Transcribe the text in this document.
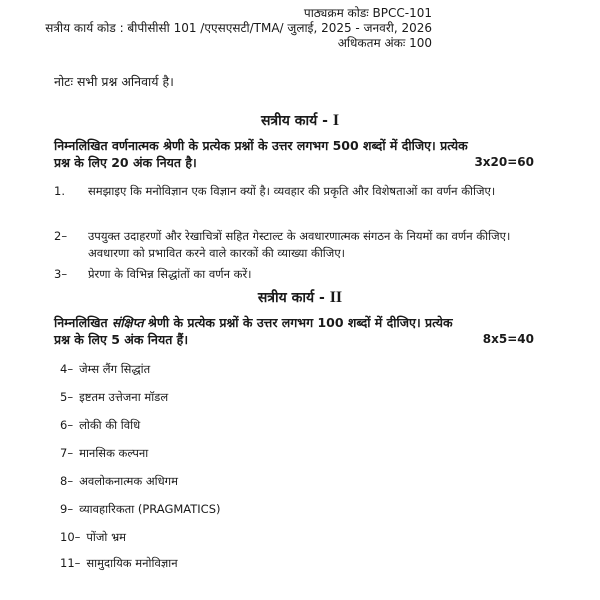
पाठ्यक्रम कोडः BPCC-101
सत्रीय कार्य कोड : बीपीसीसी 101 /एएसएसटी/TMA/ जुलाई, 2025 - जनवरी, 2026
अधिकतम अंकः 100
नोटः सभी प्रश्न अनिवार्य है।
सत्रीय कार्य - I
निम्नलिखित वर्णनात्मक श्रेणी के प्रत्येक प्रश्नों के उत्तर लगभग 500 शब्दों में दीजिए। प्रत्येक
प्रश्न के लिए 20 अंक नियत है।	3x20=60
1.	समझाइए कि मनोविज्ञान एक विज्ञान क्यों है। व्यवहार की प्रकृति और विशेषताओं का वर्णन कीजिए।
2–	उपयुक्त उदाहरणों और रेखाचित्रों सहित गेस्टाल्ट के अवधारणात्मक संगठन के नियमों का वर्णन कीजिए। अवधारणा को प्रभावित करने वाले कारकों की व्याख्या कीजिए।
3–	प्रेरणा के विभिन्न सिद्धांतों का वर्णन करें।
सत्रीय कार्य - II
निम्नलिखित संक्षिप्त श्रेणी के प्रत्येक प्रश्नों के उत्तर लगभग 100 शब्दों में दीजिए। प्रत्येक
प्रश्न के लिए 5 अंक नियत हैं।	8x5=40
4– जेम्स लैंग सिद्धांत
5– इष्टतम उत्तेजना मॉडल
6– लोकी की विधि
7– मानसिक कल्पना
8– अवलोकनात्मक अधिगम
9– व्यावहारिकता (PRAGMATICS)
10– पोंजो भ्रम
11– सामुदायिक मनोविज्ञान
